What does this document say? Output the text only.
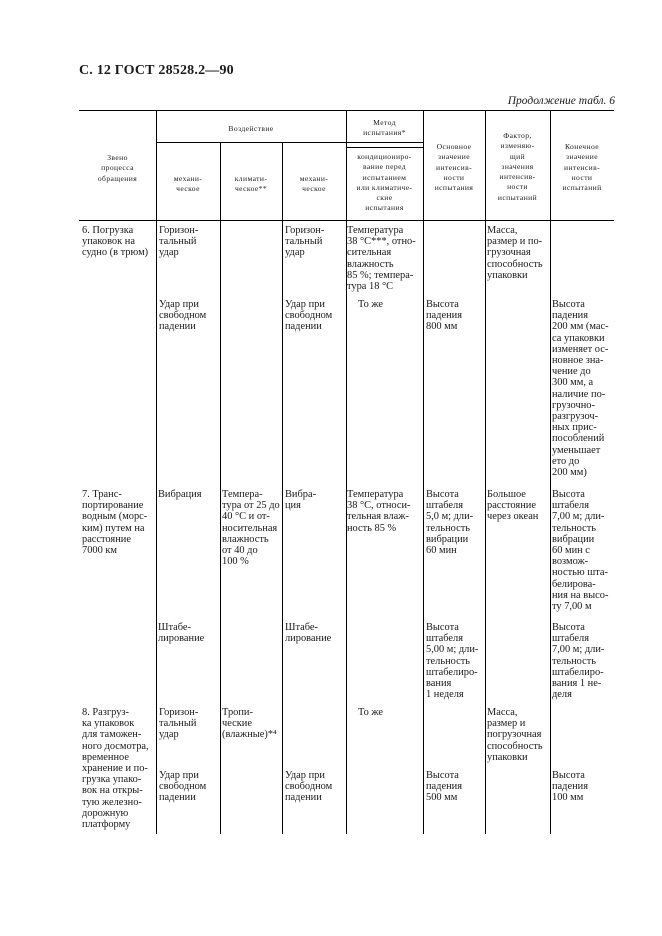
С. 12 ГОСТ 28528.2—90
Продолжение табл. 6
Звено
процесса
обращения
Воздействие
механи-
ческое
климати-
ческое**
механи-
ческое
Метод
испытания*
кондициониро-
вание перед
испытанием
или климатиче-
ские
испытания
Основное
значение
интенсив-
ности
испытания
Фактор,
изменяю-
щий
значения
интенсив-
ности
испытаний
Конечное
значение
интенсив-
ности
испытаний
6. Погрузка
упаковок на
судно (в трюм)
Горизон-
тальный
удар
Горизон-
тальный
удар
Температура
38 °С***, отно-
сительная
влажность
85 %; темпера-
тура 18 °С
Масса,
размер и по-
грузочная
способность
упаковки
Удар при
свободном
падении
Удар при
свободном
падении
То же	Высота
падения
800 мм
Высота
падения
200 мм (мас-
са упаковки
изменяет ос-
новное зна-
чение до
300 мм, а
наличие по-
грузочно-
разгрузоч-
ных прис-
пособлений
уменьшает
ето до
200 мм)
7. Транс-
портирование
водным (морс-
ким) путем на
расстояние
7000 км
Вибрация Темпера-
тура от 25 до
40 °С и от-
носительная
влажность
от 40 до
100 %
Вибра-
ция
Температура
38 °С, относи-
тельная влаж-
ность 85 %
Высота
штабеля
5,0 м; дли-
тельность
вибрации
60 мин
Большое
расстояние
через океан
Высота
штабеля
7,00 м; дли-
тельность
вибрации
60 мин с
возмож-
ностью шта-
белирова-
ния на высо-
ту 7,00 м
Штабе-
лирование
Штабе-
лирование
Высота
штабеля
5,00 м; дли-
тельность
штабелиро-
вания
1 неделя
Высота
штабеля
7,00 м; дли-
тельность
штабелиро-
вания 1 не-
деля
8. Разгруз-
ка упаковок
для таможен-
ного досмотра,
временное
хранение и по-
грузка упако-
вок на откры-
тую железно-
дорожную
платформу
Горизон-
тальный
удар
Тропи-
ческие
(влажные)*⁴
То же	Масса,
размер и
погрузочная
способность
упаковки
Удар при
свободном
падении
Удар при
свободном
падении
Высота
падения
500 мм
Высота
падения
100 мм
